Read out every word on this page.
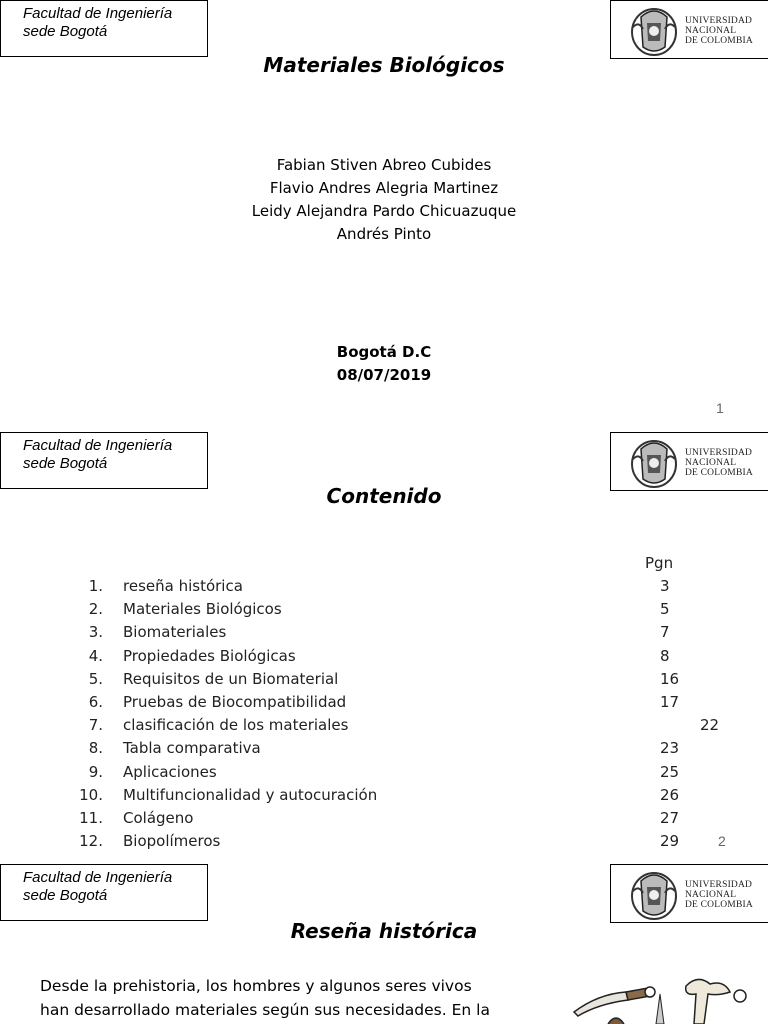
Facultad de Ingeniería
sede Bogotá
UNIVERSIDAD
NACIONAL
DE COLOMBIA
Materiales Biológicos
Fabian Stiven Abreo Cubides
Flavio Andres Alegria Martinez
Leidy Alejandra Pardo Chicuazuque
Andrés Pinto
Bogotá D.C
08/07/2019
1
Facultad de Ingeniería
sede Bogotá
UNIVERSIDAD
NACIONAL
DE COLOMBIA
Contenido
Pgn
1. reseña histórica	3
2. Materiales Biológicos	5
3. Biomateriales	7
4. Propiedades Biológicas	8
5. Requisitos de un Biomaterial	16
6. Pruebas de Biocompatibilidad	17
7. clasificación de los materiales	22
8. Tabla comparativa	23
9. Aplicaciones	25
10. Multifuncionalidad y autocuración	26
11. Colágeno	27
12. Biopolímeros	29	2
Facultad de Ingeniería
sede Bogotá
UNIVERSIDAD
NACIONAL
DE COLOMBIA
Reseña histórica
Desde la prehistoria, los hombres y algunos seres vivos
han desarrollado materiales según sus necesidades. En la
